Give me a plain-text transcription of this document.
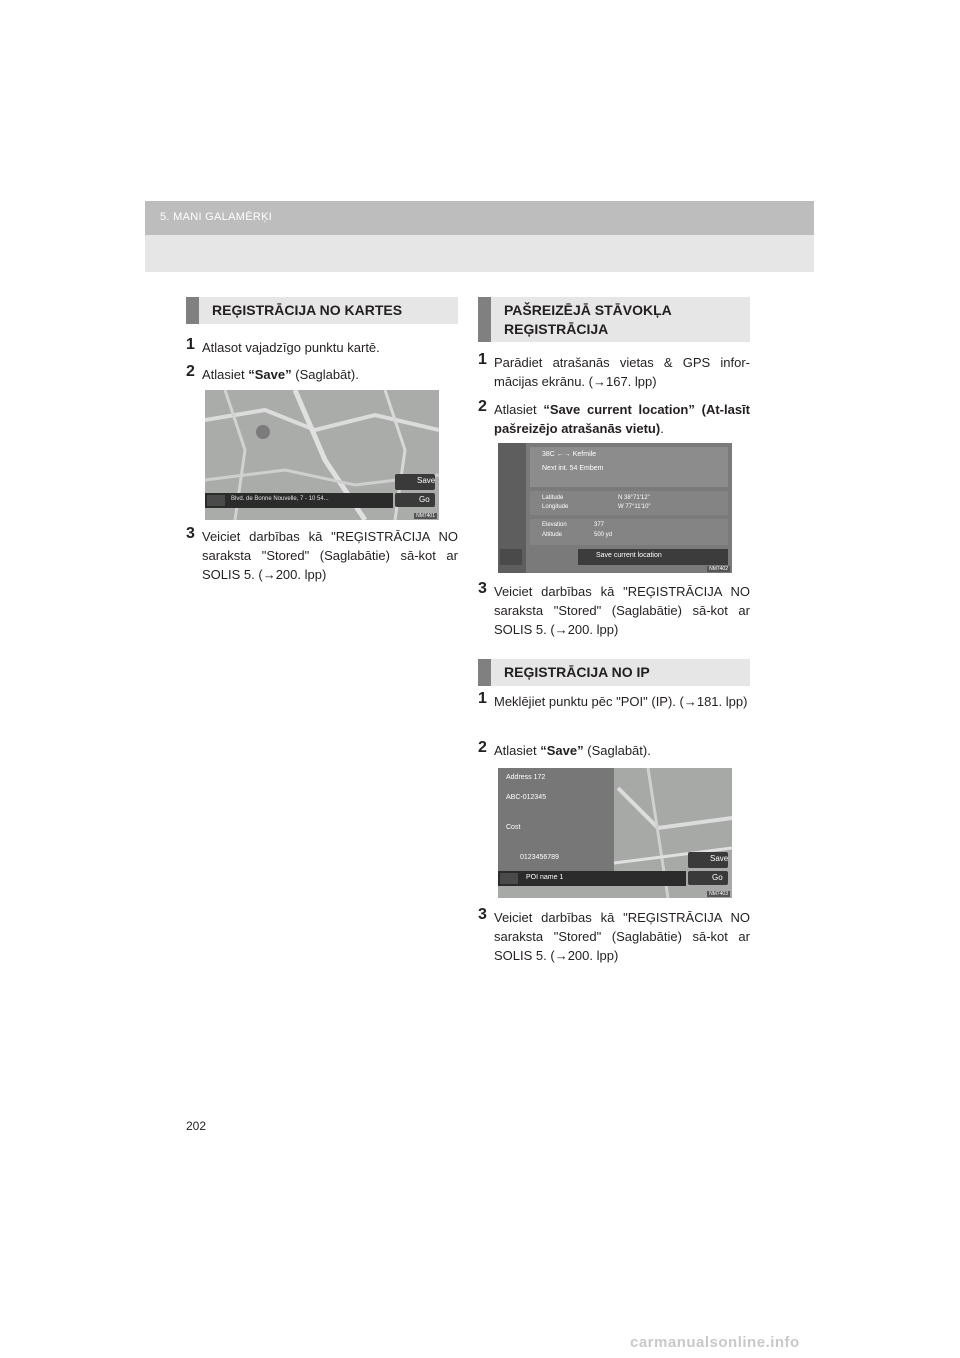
5. MANI GALAMĒRĶI
REĢISTRĀCIJA NO KARTES
1 Atlasot vajadzīgo punktu kartē.
2 Atlasiet “Save” (Saglabāt).
Save
Go
Blvd. de Bonne Nouvelle, 7 - 10 54...
NM7401
3 Veiciet darbības kā "REĢISTRĀCIJA NO saraksta "Stored" (Saglabātie) sā-kot ar SOLIS 5. (→200. lpp)
PAŠREIZĒJĀ STĀVOKĻA REĢISTRĀCIJA
1 Parādiet atrašanās vietas & GPS infor-mācijas ekrānu. (→167. lpp)
2 Atlasiet “Save current location” (At-lasīt pašreizējo atrašanās vietu).
38C ←→ Kefmile
Next int. 54 Embem
Latitude
Longitude
N 38°71'12"
W 77°11'10"
Elevation
Altitude
377
500 yd
Save current location
NM7402
3 Veiciet darbības kā "REĢISTRĀCIJA NO saraksta "Stored" (Saglabātie) sā-kot ar SOLIS 5. (→200. lpp)
REĢISTRĀCIJA NO IP
1 Meklējiet punktu pēc "POI" (IP). (→181. lpp)
2 Atlasiet “Save” (Saglabāt).
Address 172
ABC-012345
Cost
0123456789
POI name 1
Save
Go
NM7403
3 Veiciet darbības kā "REĢISTRĀCIJA NO saraksta "Stored" (Saglabātie) sā-kot ar SOLIS 5. (→200. lpp)
202
carmanualsonline.info
